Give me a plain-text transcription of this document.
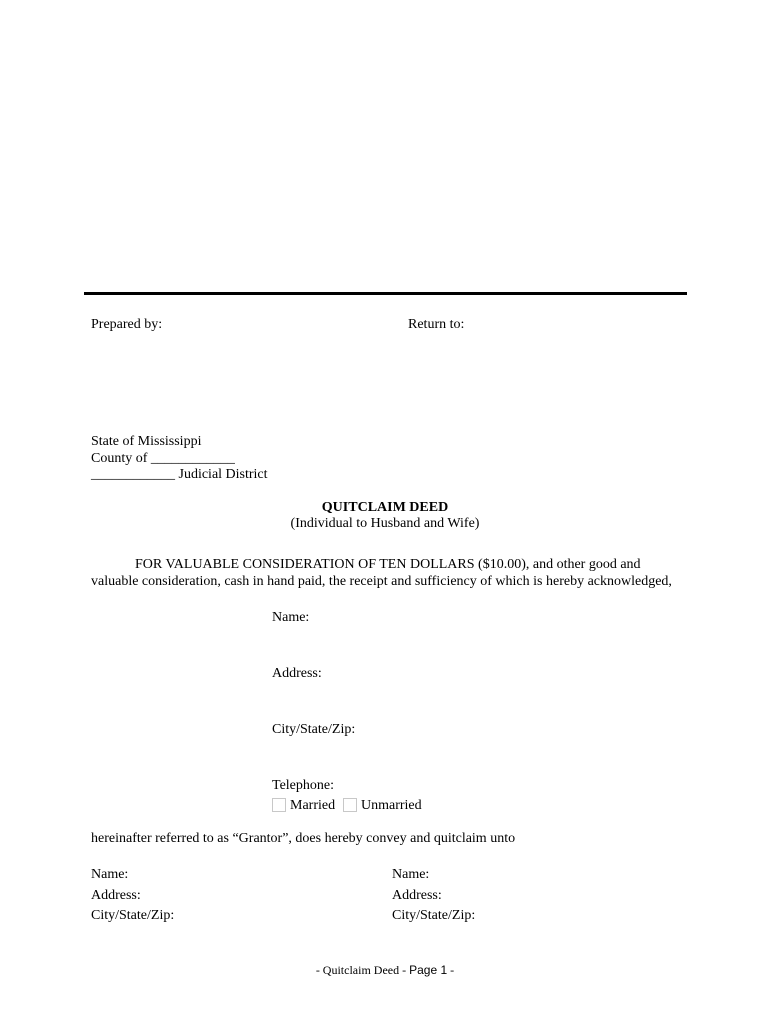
Prepared by:	Return to:
State of Mississippi
County of ____________
____________ Judicial District
QUITCLAIM DEED
(Individual to Husband and Wife)
FOR VALUABLE CONSIDERATION OF TEN DOLLARS ($10.00), and other good and
valuable consideration, cash in hand paid, the receipt and sufficiency of which is hereby acknowledged,
Name:
Address:
City/State/Zip:
Telephone:
Married	Unmarried
hereinafter referred to as “Grantor”, does hereby convey and quitclaim unto
Name:
Address:
City/State/Zip:
Name:
Address:
City/State/Zip:
- Quitclaim Deed - Page 1 -
